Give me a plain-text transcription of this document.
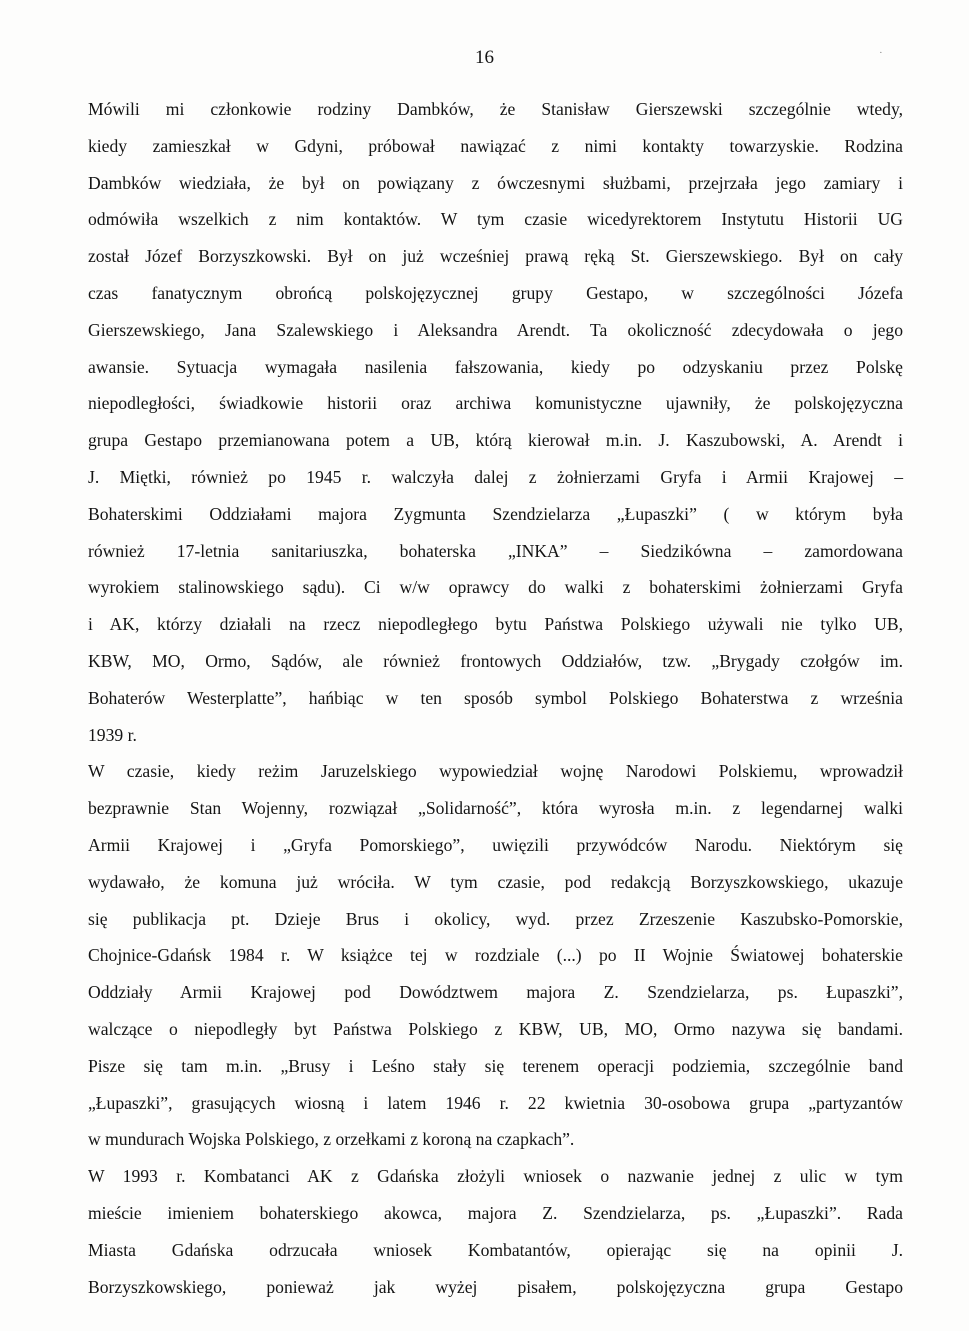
16	·
Mówili mi członkowie rodziny Dambków, że Stanisław Gierszewski szczególnie wtedy,
kiedy zamieszkał w Gdyni, próbował nawiązać z nimi kontakty towarzyskie. Rodzina
Dambków wiedziała, że był on powiązany z ówczesnymi służbami, przejrzała jego zamiary i
odmówiła wszelkich z nim kontaktów. W tym czasie wicedyrektorem Instytutu Historii UG
został Józef Borzyszkowski. Był on już wcześniej prawą ręką St. Gierszewskiego. Był on cały
czas fanatycznym obrońcą polskojęzycznej grupy Gestapo, w szczególności Józefa
Gierszewskiego, Jana Szalewskiego i Aleksandra Arendt. Ta okoliczność zdecydowała o jego
awansie. Sytuacja wymagała nasilenia fałszowania, kiedy po odzyskaniu przez Polskę
niepodległości, świadkowie historii oraz archiwa komunistyczne ujawniły, że polskojęzyczna
grupa Gestapo przemianowana potem a UB, którą kierował m.in. J. Kaszubowski, A. Arendt i
J. Miętki, również po 1945 r. walczyła dalej z żołnierzami Gryfa i Armii Krajowej –
Bohaterskimi Oddziałami majora Zygmunta Szendzielarza „Łupaszki” ( w którym była
również 17-letnia sanitariuszka, bohaterska „INKA” – Siedzikówna – zamordowana
wyrokiem stalinowskiego sądu). Ci w/w oprawcy do walki z bohaterskimi żołnierzami Gryfa
i AK, którzy działali na rzecz niepodległego bytu Państwa Polskiego używali nie tylko UB,
KBW, MO, Ormo, Sądów, ale również frontowych Oddziałów, tzw. „Brygady czołgów im.
Bohaterów Westerplatte”, hańbiąc w ten sposób symbol Polskiego Bohaterstwa z września
1939 r.
W czasie, kiedy reżim Jaruzelskiego wypowiedział wojnę Narodowi Polskiemu, wprowadził
bezprawnie Stan Wojenny, rozwiązał „Solidarność”, która wyrosła m.in. z legendarnej walki
Armii Krajowej i „Gryfa Pomorskiego”, uwięzili przywódców Narodu. Niektórym się
wydawało, że komuna już wróciła. W tym czasie, pod redakcją Borzyszkowskiego, ukazuje
się publikacja pt. Dzieje Brus i okolicy, wyd. przez Zrzeszenie Kaszubsko-Pomorskie,
Chojnice-Gdańsk 1984 r. W książce tej w rozdziale (...) po II Wojnie Światowej bohaterskie
Oddziały Armii Krajowej pod Dowództwem majora Z. Szendzielarza, ps. Łupaszki”,
walczące o niepodległy byt Państwa Polskiego z KBW, UB, MO, Ormo nazywa się bandami.
Pisze się tam m.in. „Brusy i Leśno stały się terenem operacji podziemia, szczególnie band
„Łupaszki”, grasujących wiosną i latem 1946 r. 22 kwietnia 30-osobowa grupa „partyzantów
w mundurach Wojska Polskiego, z orzełkami z koroną na czapkach”.
W 1993 r. Kombatanci AK z Gdańska złożyli wniosek o nazwanie jednej z ulic w tym
mieście imieniem bohaterskiego akowca, majora Z. Szendzielarza, ps. „Łupaszki”. Rada
Miasta Gdańska odrzucała wniosek Kombatantów, opierając się na opinii J.
Borzyszkowskiego, ponieważ jak wyżej pisałem, polskojęzyczna grupa Gestapo
